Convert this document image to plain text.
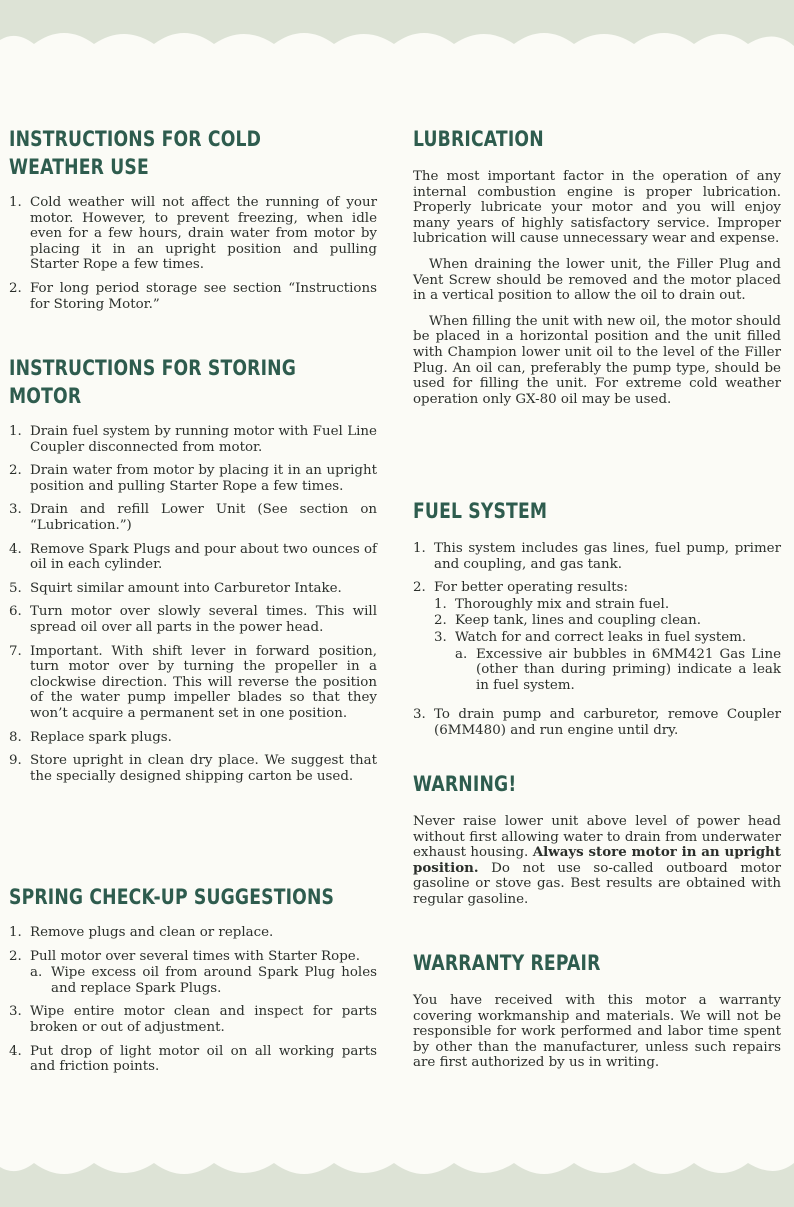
INSTRUCTIONS FOR COLD
WEATHER USE
1. Cold weather will not affect the running of your motor. However, to prevent freezing, when idle even for a few hours, drain water from motor by placing it in an upright position and pulling Starter Rope a few times.
2. For long period storage see section “Instructions for Storing Motor.”
INSTRUCTIONS FOR STORING
MOTOR
1. Drain fuel system by running motor with Fuel Line Coupler disconnected from motor.
2. Drain water from motor by placing it in an upright position and pulling Starter Rope a few times.
3. Drain and refill Lower Unit (See section on “Lubrication.”)
4. Remove Spark Plugs and pour about two ounces of oil in each cylinder.
5. Squirt similar amount into Carburetor Intake.
6. Turn motor over slowly several times. This will spread oil over all parts in the power head.
7. Important. With shift lever in forward position, turn motor over by turning the propeller in a clockwise direction. This will reverse the position of the water pump impeller blades so that they won’t acquire a permanent set in one position.
8. Replace spark plugs.
9. Store upright in clean dry place. We suggest that the specially designed shipping carton be used.
SPRING CHECK-UP SUGGESTIONS
1. Remove plugs and clean or replace.
2. Pull motor over several times with Starter Rope.
a. Wipe excess oil from around Spark Plug holes and replace Spark Plugs.
3. Wipe entire motor clean and inspect for parts broken or out of adjustment.
4. Put drop of light motor oil on all working parts and friction points.
LUBRICATION

The most important factor in the operation of any internal combustion engine is proper lubrication. Properly lubricate your motor and you will enjoy many years of highly satisfactory service. Improper lubrication will cause unnecessary wear and expense.

When draining the lower unit, the Filler Plug and Vent Screw should be removed and the motor placed in a vertical position to allow the oil to drain out.

When filling the unit with new oil, the motor should be placed in a horizontal position and the unit filled with Champion lower unit oil to the level of the Filler Plug. An oil can, preferably the pump type, should be used for filling the unit. For extreme cold weather operation only GX-80 oil may be used.

FUEL SYSTEM
1. This system includes gas lines, fuel pump, primer and coupling, and gas tank.
2. For better operating results:
1. Thoroughly mix and strain fuel.
2. Keep tank, lines and coupling clean.
3. Watch for and correct leaks in fuel system.
a. Excessive air bubbles in 6MM421 Gas Line (other than during priming) indicate a leak in fuel system.
3. To drain pump and carburetor, remove Coupler (6MM480) and run engine until dry.
WARNING!

Never raise lower unit above level of power head without first allowing water to drain from underwater exhaust housing. Always store motor in an upright position. Do not use so-called outboard motor gasoline or stove gas. Best results are obtained with regular gasoline.

WARRANTY REPAIR

You have received with this motor a warranty covering workmanship and materials. We will not be responsible for work performed and labor time spent by other than the manufacturer, unless such repairs are first authorized by us in writing.
